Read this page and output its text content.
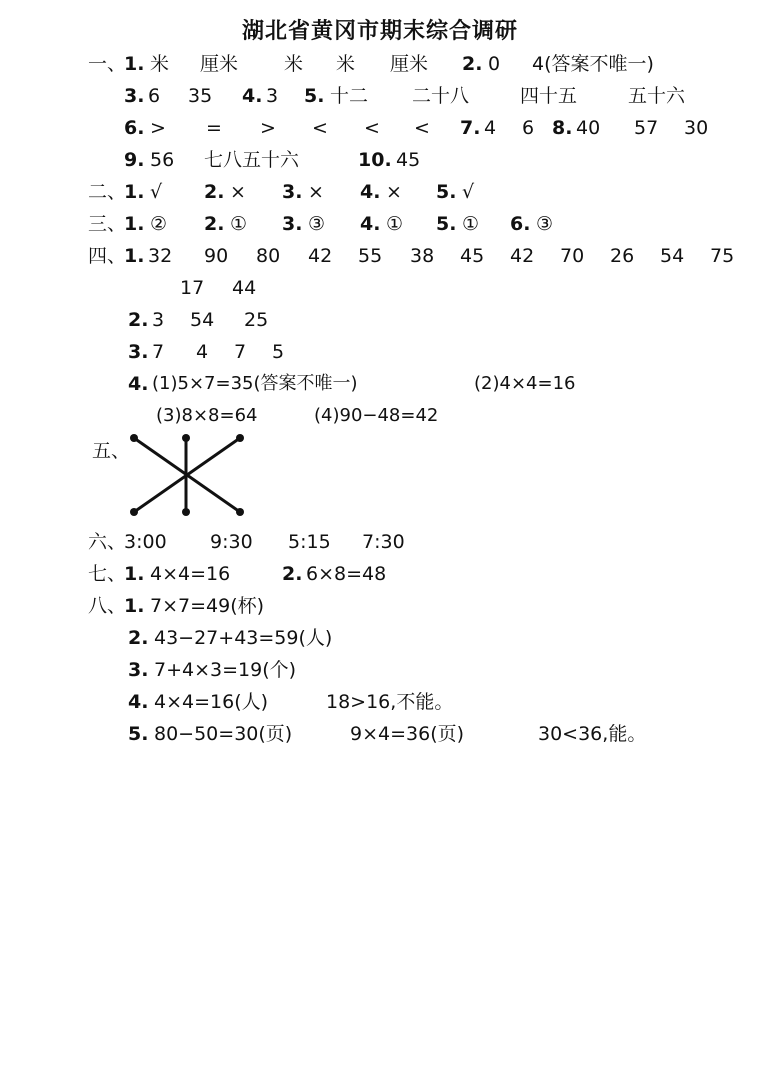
湖北省黄冈市期末综合调研

一、

1.

米

厘米

米

米

厘米

2.

0

4(答案不唯一)

3.

6

35

4.

3

5.

十二

二十八

	四十五

	五十六

6.

>

=

>

<

<

<

7.

4

6

8.

40

57

30

9.

56

七八五十六

	10.

45

二、

1.

√

2.

×

3.

×

4.

×

5.

√

三、

1.

②

2.

①

3.

③

4.

①

5.

①

6.

③

四、

1.

32

90

80

42

55

38

45

42

70

26

54

75

17

44

2.

3

54

25

3.

7

4

7

5

4.

(1)5×7=35(答案不唯一)

	(2)4×4=16

(3)8×8=64

	(4)90−48=42

五、

六、

3:00

9:30

5:15

7:30

七、

1.

4×4=16

	2.

6×8=48

八、

1.

7×7=49(杯)

2.

43−27+43=59(人)

3.

7+4×3=19(个)

4.

4×4=16(人)

	18>16,不能。

5.

80−50=30(页)

	9×4=36(页)

	30<36,能。
